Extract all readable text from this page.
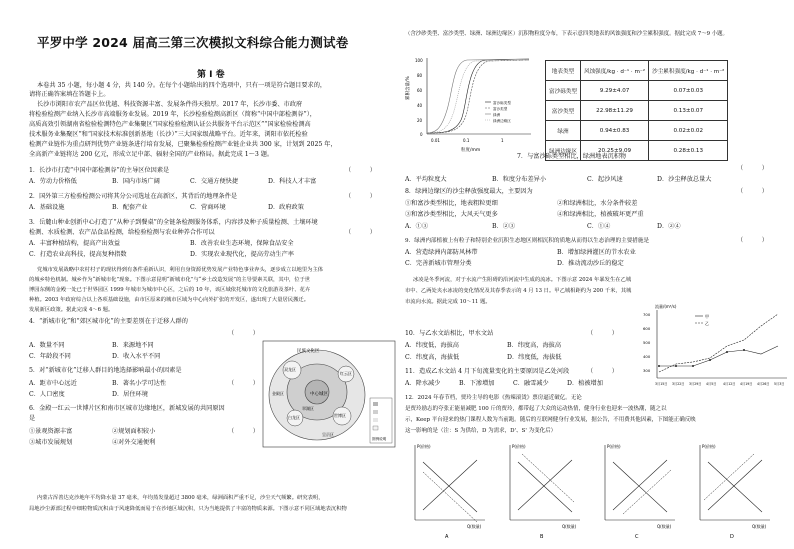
平罗中学 2024 届高三第三次模拟文科综合能力测试卷
第 I 卷
本卷共 35 小题，每小题 4 分，共 140 分。在每个小题给出的四个选项中，只有一项是符合题目要求的，
请将正确答案填在答题卡上。
长沙市浏阳市农产品区位优越、科技资源丰富、发展条件得天独厚。2017 年，长沙市委、市政府
将检验检测产业纳入长沙市高端服务业发展。2019 年，长沙检验检测高新区（简称“中国中部检测谷”），
高质高效引领湖南省检验检测特色产业集聚区“国家检验检测认证公共服务平台示范区”“国家检验检测高
技术服务业集聚区”和“国家技术标准创新基地（长沙）”三大国家级战略平台。近年来，浏阳市依托检验
检测产业链作为重点研判优势产业链条进行培育发展，已聚集检验检测产业链企业共 300 家，计划到 2025 年，
全高新产业链将达 200 亿元，形成立足中部、辐射全国的产业格局。据此完成 1～3 题。
1．长沙市打造“中国中部检测谷”的主导区位因素是	（　　　）
A．劳动力价格低	B．国内市场广阔	C．交通方便快捷	D．科技人才丰富
2．国外第三方检验检测公司将其分公司选址在高新区，其背后的地理条件是	（　　　）
A．基础设施	B．配套产业	C．营商环境	D．政府政策
3．岳麓山种业创新中心打造了“从种子到餐桌”的全链条检测服务体系，内容涉及种子质量检测、土壤环境
检测、水质检测、农产品食品检测，给检验检测与农业种养合作可以	（　　　）
A．丰富种植结构，提高产出效益	B．改善农业生态环境，保障食品安全
C．打造农业高科技，提高复种指数	D．实现农业现代化，提高劳动生产率
党城市发展战略中农村村子的现状得到有条件重新认识，利用自身资源优势发展产业特色事业奔头，逐步成立以地里为主体
的城乡特色机制。城乡作为“新城市化”现象。下图示意昆明“新城市化”与“乡土改造发展”的主导要素关联，其中，位于世
博园东侧的金殿一处已于世界园区 1999 年城市为城市中心区，之后的 10 年，该区域依托城市的文化旅游及茶叶、花卉
种植。2003 年政府综合以上各项基础设施，由市区原来的城市区域为中心向外扩张的开发区，遂出现了大量居民搬迁。
发展新区政策。据此完成 4～6 题。
4．“新城市化”和“郊区城市化”的主要差别在于迁移人群的
（　　　）
A．数量不同	B．来源地不同
C．年龄段不同	D．收入水平不同
5．对“新城市化”迁移人群目的地选择影响最小的因素是
（　　　）
A．距市中心远近	B．著名小学可达性
C．人口密度	D．居住环境
6．金殿一红云一世博片区和南市区城市边缘地区，新城发展的共同原因
是
（　　　）
①景观资源丰富	②规划面积较小
③城市发展规划	④对外交通便利
民族文化区
中心城区
双龙区
红云区
世博区
白龙区
翠湖区
呈贡区
金殿区
图例说明
内蒙古浑善达克沙地年平均降水量 37 毫米，年均蒸发量超过 3800 毫米，绿洲面积严重不足，沙尘天气频繁。研究表明，
局地沙尘源部过程中细粒物质沉积由于风速降低而易于在沙地区域沉积，只为当地提供了丰富的物质来源。下图示意不同区域地表沉积物
（含沙砂类型、富沙类型、绿洲、绿洲边缘区）沉积物粒度分布，下表示意四类地表的风蚀强度和沙尘累积强度。据此完成 7～9 小题。
累积含量/%
100
80
60
40
20
0
0.01	0.1	1
粒度/mm
富沙砾类型
富沙类型
绿洲
绿洲边缘区
地表类型	风蚀强度/kg · d⁻¹ · m⁻²	沙尘累积强度/kg · d⁻¹ · m⁻²
富沙砾类型	9.29±4.07	0.07±0.03
富沙类型	22.98±11.29	0.13±0.07
绿洲	0.94±0.83	0.02±0.02
绿洲边缘区	20.25±9.09	0.28±0.13
7．与富沙砾类型相比，绿洲地表沉积物
（　　　）
A．平均粒度大	B．粒度分布差异小	C．起沙风速	D．沙尘释放总量大
8．绿洲边缘区的沙尘释放强度最大，主要因为	（　　　）
①和富沙类型相比，地表粗粒更细	②和绿洲相比，水分条件较差
③和富沙类型相比，大风天气更多	④和绿洲相比，植被破坏更严重
A．①③	B．②③	C．①④	D．②④
9．绿洲内部植被上有粒子和特别企业沉积生态地区则相沉积的质地从而得以生态治理的主要措施是	（　　　）
A．营造绿洲内部防风林带	B．增加绿洲灌区的节水农业
C．完善新城市管理分类	D．推动流动沙丘的稳定
冰凌是冬季河流，对于水流产生阻碍的沿河流中生成的流冰。下图示意 2024 年暴发生在乙城
市中、乙两处夹水冰凌的变化情况及其春季表示的 4 月 13 日。甲乙城相距约为 200 千米，其城
市流向水流。据此完成 10～11 题。
流量/(m³/s)
700
600
500
400
300
3月15日 3月22日 3月29日 4月5日 4月12日 4月19日 4月26日 5月3日
甲
乙
10．与乙水文站相比，甲水文站	（　　　）
A．纬度低，海拔高	B．纬度高，海拔高
C．纬度高，海拔低	D．纬度低，海拔低
11．造成乙水文站 4 月下旬流量变化的主要原因是乙处河段	（　　　）
A．降水减少	B．下渗增加	C．融雪减少	D．植被增加
12．2024 年春节档，贾玲主导的电影《热辣滚烫》票房逼近破亿。无论
是贾玲励志的夸张正能量减肥 100 斤的贾玲，都带起了大众的运动热情，健身行业也迎来一波热潮，随之以
示，Keep 平台迎来的热门课程人数为当前跑。随后的互联网健身行业发展，据公告，不用费其他因素，下图能正确反映
这一影响的是（注：S 为供给，D 为需求，D'、S' 为变化后）
P(价格)
Q(数量)
A
P(价格)
Q(数量)
B
P(价格)
Q(数量)
C
P(价格)
Q(数量)
D
